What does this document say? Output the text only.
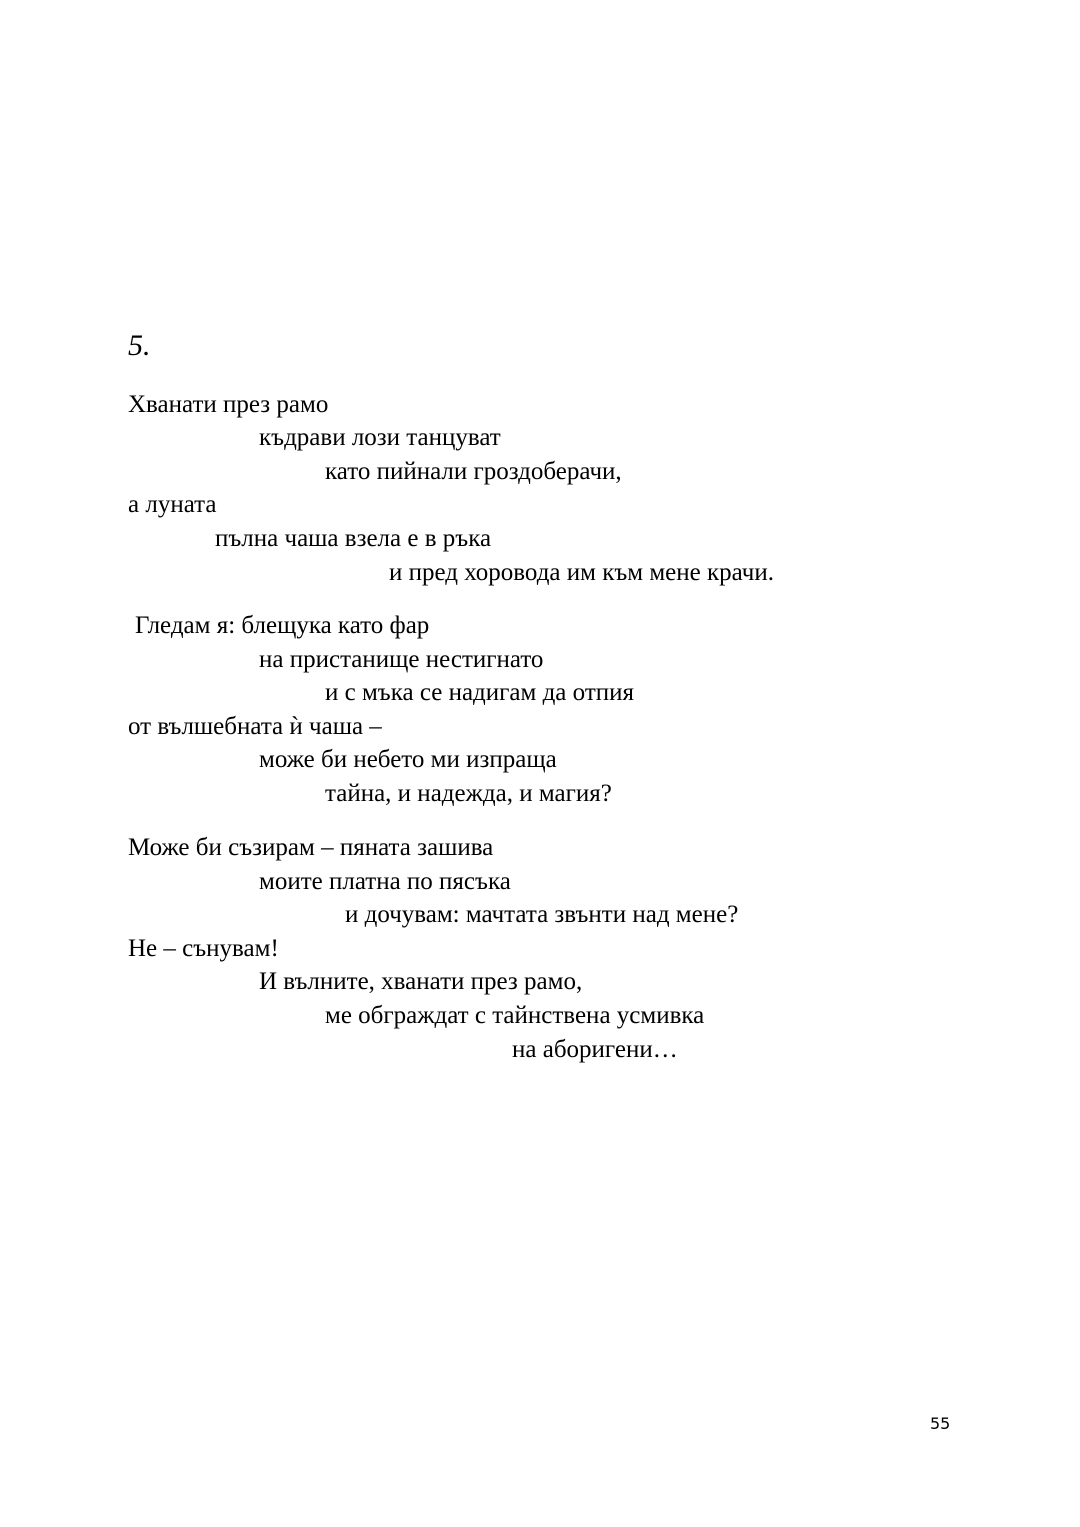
5.
Хванати през рамо
къдрави лози танцуват
като пийнали гроздоберачи,
а луната
пълна чаша взела е в ръка
и пред хоровода им към мене крачи.
Гледам я: блещука като фар
на пристанище нестигнато
и с мъка се надигам да отпия
от вълшебната ѝ чаша –
може би небето ми изпраща
тайна, и надежда, и магия?
Може би съзирам – пяната зашива
моите платна по пясъка
и дочувам: мачтата звънти над мене?
Не – сънувам!
И вълните, хванати през рамо,
ме обграждат с тайнствена усмивка
на аборигени…
55
